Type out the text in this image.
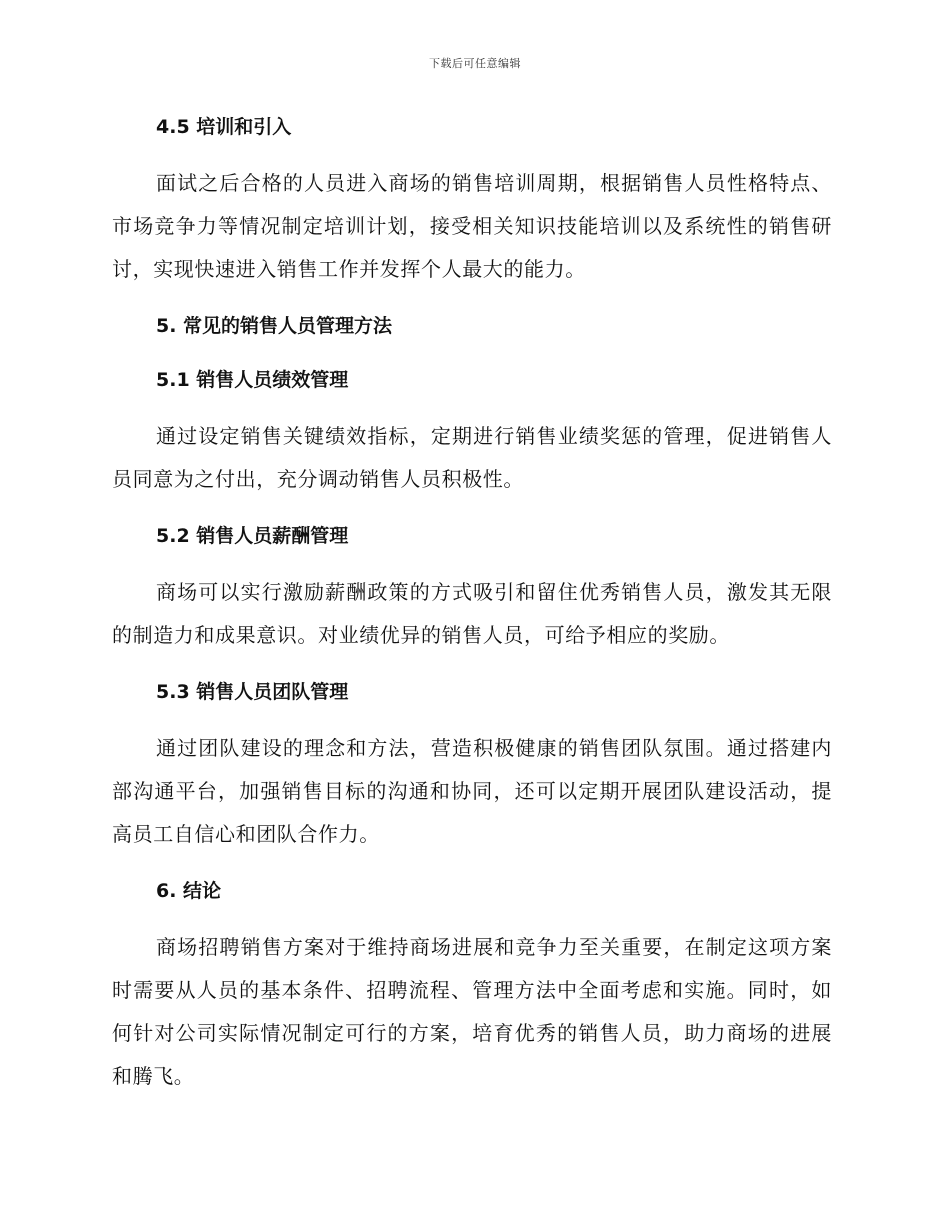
下载后可任意编辑
4.5 培训和引入

面试之后合格的人员进入商场的销售培训周期，根据销售人员性格特点、市场竞争力等情况制定培训计划，接受相关知识技能培训以及系统性的销售研讨，实现快速进入销售工作并发挥个人最大的能力。

5. 常见的销售人员管理方法
5.1 销售人员绩效管理

通过设定销售关键绩效指标，定期进行销售业绩奖惩的管理，促进销售人员同意为之付出，充分调动销售人员积极性。

5.2 销售人员薪酬管理

商场可以实行激励薪酬政策的方式吸引和留住优秀销售人员，激发其无限的制造力和成果意识。对业绩优异的销售人员，可给予相应的奖励。

5.3 销售人员团队管理

通过团队建设的理念和方法，营造积极健康的销售团队氛围。通过搭建内部沟通平台，加强销售目标的沟通和协同，还可以定期开展团队建设活动，提高员工自信心和团队合作力。

6. 结论

商场招聘销售方案对于维持商场进展和竞争力至关重要，在制定这项方案时需要从人员的基本条件、招聘流程、管理方法中全面考虑和实施。同时，如何针对公司实际情况制定可行的方案，培育优秀的销售人员，助力商场的进展和腾飞。
